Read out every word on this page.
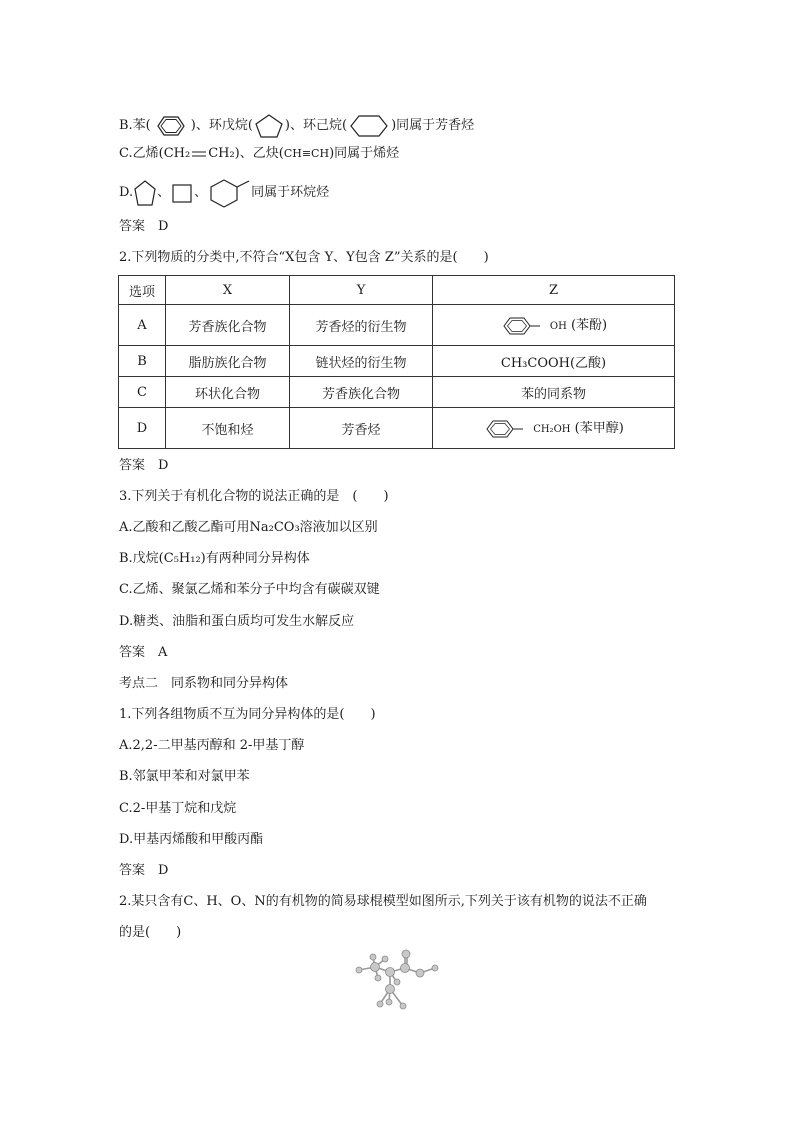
B.苯(	)、环戊烷( )、环己烷(	)同属于芳香烃
C.乙烯(CH₂ CH₂)、乙炔(CH≡CH)同属于烯烃
D. 、 、	同属于环烷烃
答案　D
2.下列物质的分类中,不符合“X包含 Y、Y包含 Z”关系的是(　　)
选项	X	Y	Z
A	芳香族化合物	芳香烃的衍生物	OH (苯酚)
B	脂肪族化合物	链状烃的衍生物	CH₃COOH(乙酸)
C	环状化合物	芳香族化合物	苯的同系物
D	不饱和烃	芳香烃	CH₂OH (苯甲醇)
答案　D
3.下列关于有机化合物的说法正确的是　(　　)
A.乙酸和乙酸乙酯可用Na₂CO₃溶液加以区别
B.戊烷(C₅H₁₂)有两种同分异构体
C.乙烯、聚氯乙烯和苯分子中均含有碳碳双键
D.糖类、油脂和蛋白质均可发生水解反应
答案　A
考点二　同系物和同分异构体
1.下列各组物质不互为同分异构体的是(　　)
A.2,2-二甲基丙醇和 2-甲基丁醇
B.邻氯甲苯和对氯甲苯
C.2-甲基丁烷和戊烷
D.甲基丙烯酸和甲酸丙酯
答案　D
2.某只含有C、H、O、N的有机物的简易球棍模型如图所示,下列关于该有机物的说法不正确
的是(　　)
